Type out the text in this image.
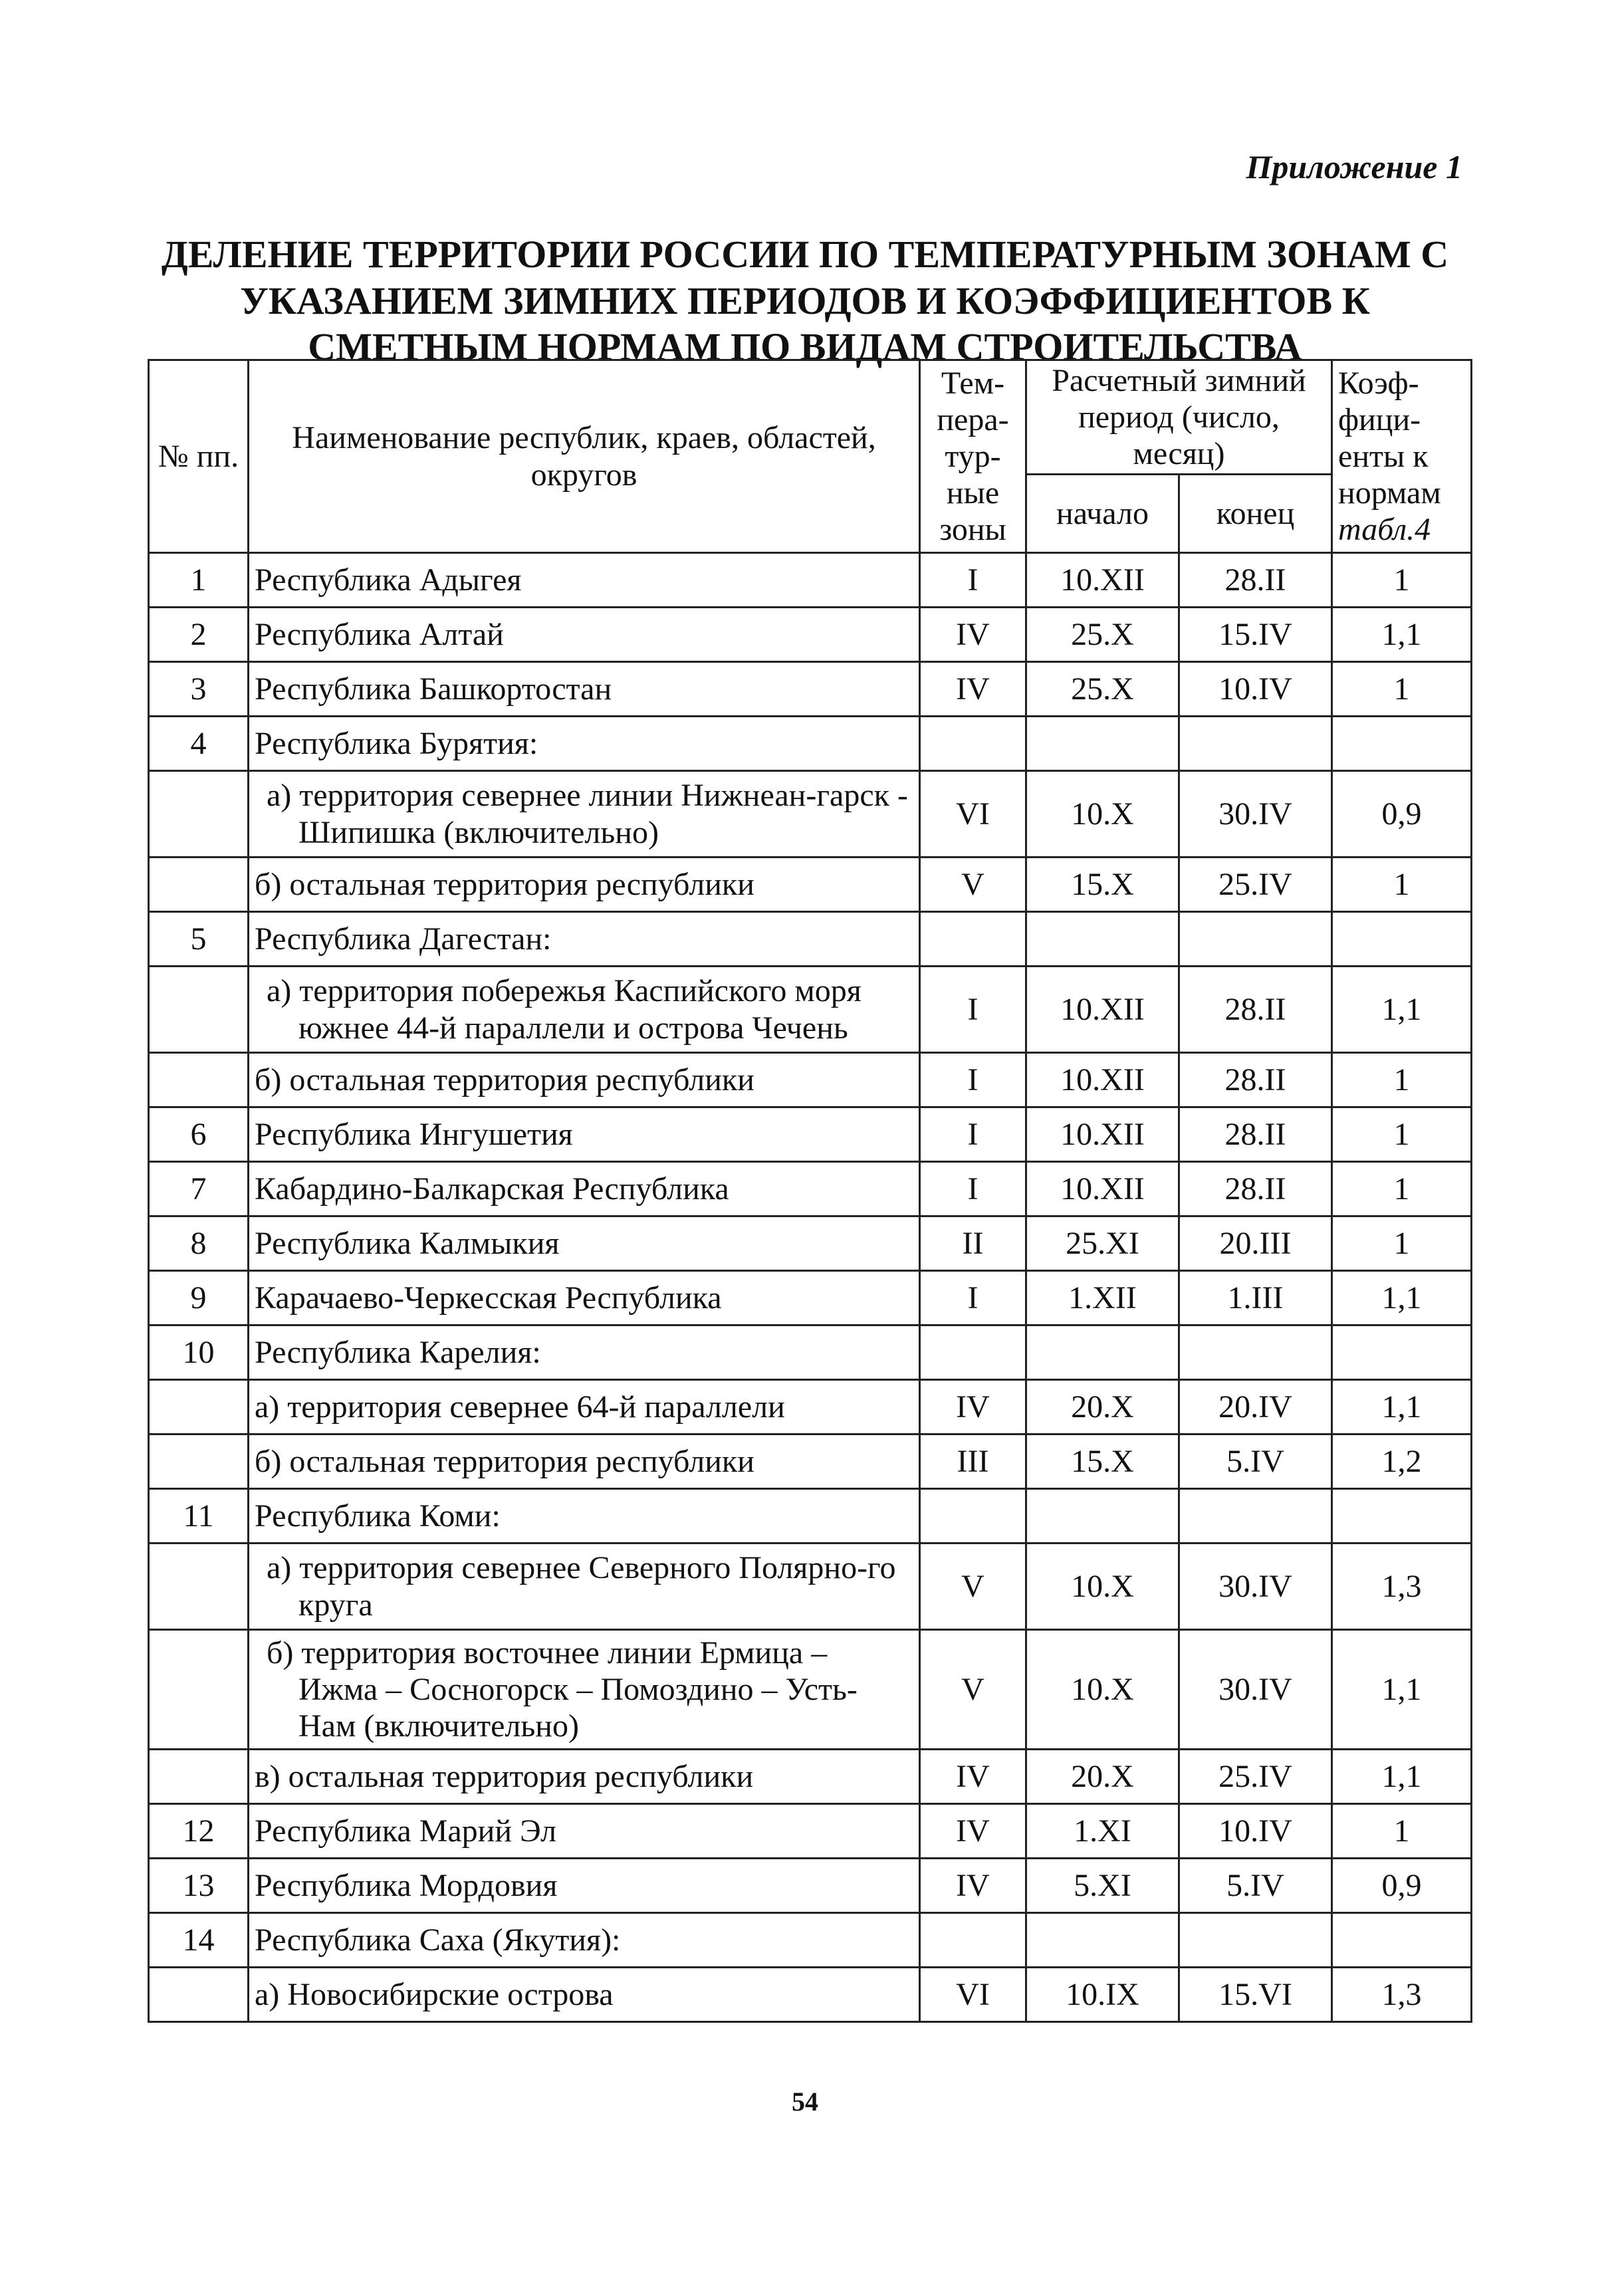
Приложение 1
ДЕЛЕНИЕ ТЕРРИТОРИИ РОССИИ ПО ТЕМПЕРАТУРНЫМ ЗОНАМ С
УКАЗАНИЕМ ЗИМНИХ ПЕРИОДОВ И КОЭФФИЦИЕНТОВ К
СМЕТНЫМ НОРМАМ ПО ВИДАМ СТРОИТЕЛЬСТВА
№ пп.	Наименование республик, краев, областей, округов	Тем-пера-тур-ные зоны	Расчетный зимний период (число, месяц)		Коэф-фици-енты к нормам табл.4
			начало	конец	
1	Республика Адыгея	I	10.XII	28.II	1
2	Республика Алтай	IV	25.X	15.IV	1,1
3	Республика Башкортостан	IV	25.X	10.IV	1
4	Республика Бурятия:				
	а) территория севернее линии Нижнеан-гарск - Шипишка (включительно)	VI	10.X	30.IV	0,9
	б) остальная территория республики	V	15.X	25.IV	1
5	Республика Дагестан:				
	а) территория побережья Каспийского моря южнее 44-й параллели и острова Чечень	I	10.XII	28.II	1,1
	б) остальная территория республики	I	10.XII	28.II	1
6	Республика Ингушетия	I	10.XII	28.II	1
7	Кабардино-Балкарская Республика	I	10.XII	28.II	1
8	Республика Калмыкия	II	25.XI	20.III	1
9	Карачаево-Черкесская Республика	I	1.XII	1.III	1,1
10	Республика Карелия:				
	а) территория севернее 64-й параллели	IV	20.X	20.IV	1,1
	б) остальная территория республики	III	15.X	5.IV	1,2
11	Республика Коми:				
	а) территория севернее Северного Полярно-го круга	V	10.X	30.IV	1,3
	б) территория восточнее линии Ермица – Ижма – Сосногорск – Помоздино – Усть-Нам (включительно)	V	10.X	30.IV	1,1
	в) остальная территория республики	IV	20.X	25.IV	1,1
12	Республика Марий Эл	IV	1.XI	10.IV	1
13	Республика Мордовия	IV	5.XI	5.IV	0,9
14	Республика Саха (Якутия):				
	а) Новосибирские острова	VI	10.IX	15.VI	1,3
54
